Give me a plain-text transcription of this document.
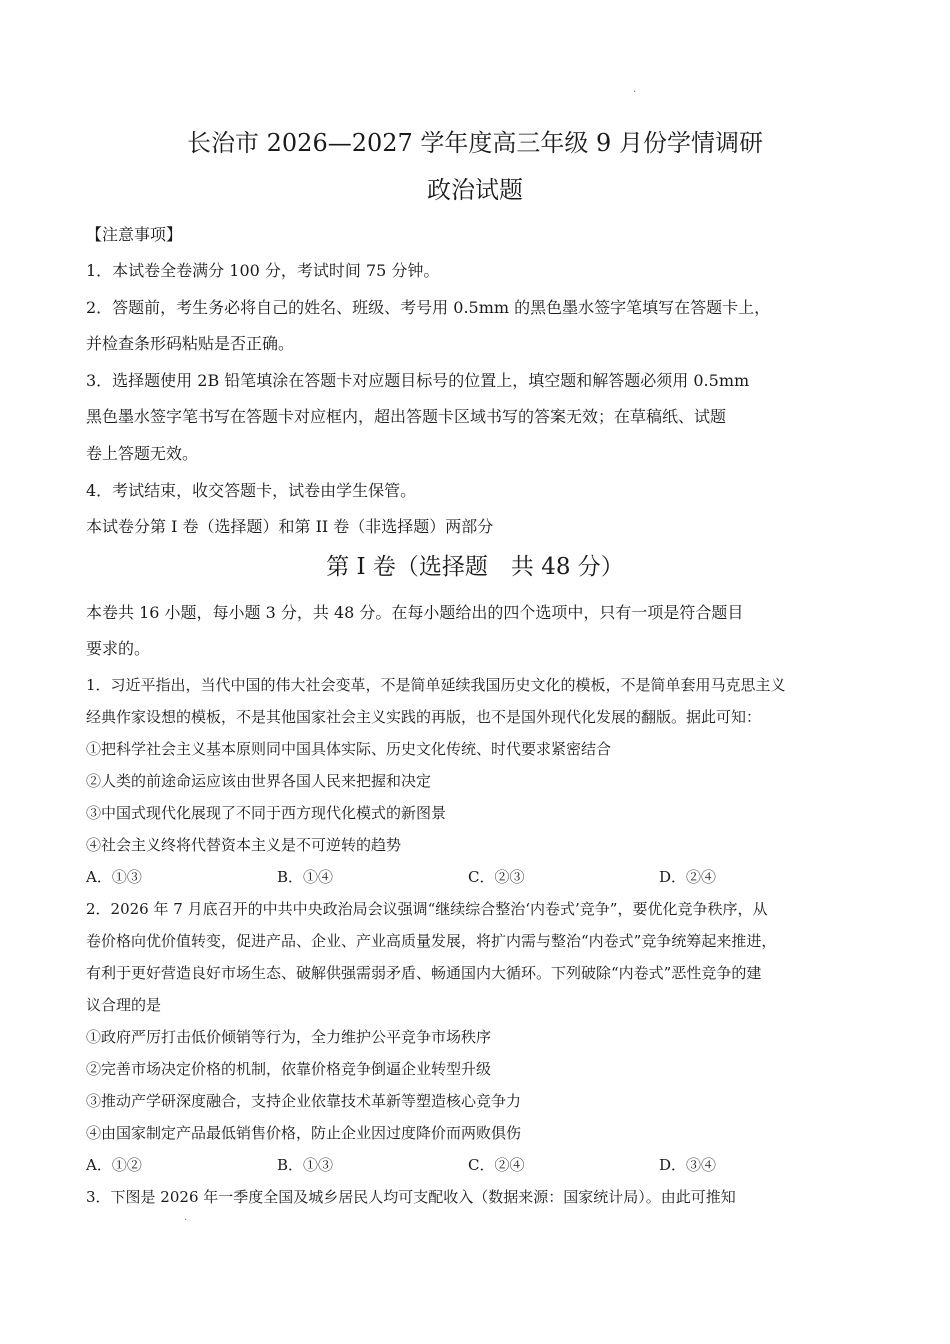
·
长治市 2026—2027 学年度高三年级 9 月份学情调研
政治试题
【注意事项】
1．本试卷全卷满分 100 分，考试时间 75 分钟。
2．答题前，考生务必将自己的姓名、班级、考号用 0.5mm 的黑色墨水签字笔填写在答题卡上，
并检查条形码粘贴是否正确。
3．选择题使用 2B 铅笔填涂在答题卡对应题目标号的位置上，填空题和解答题必须用 0.5mm
黑色墨水签字笔书写在答题卡对应框内，超出答题卡区域书写的答案无效；在草稿纸、试题
卷上答题无效。
4．考试结束，收交答题卡，试卷由学生保管。
本试卷分第 I 卷（选择题）和第 II 卷（非选择题）两部分
第 I 卷（选择题　共 48 分）
本卷共 16 小题，每小题 3 分，共 48 分。在每小题给出的四个选项中，只有一项是符合题目
要求的。
1．习近平指出，当代中国的伟大社会变革，不是简单延续我国历史文化的模板，不是简单套用马克思主义
经典作家设想的模板，不是其他国家社会主义实践的再版，也不是国外现代化发展的翻版。据此可知：
①把科学社会主义基本原则同中国具体实际、历史文化传统、时代要求紧密结合
②人类的前途命运应该由世界各国人民来把握和决定
③中国式现代化展现了不同于西方现代化模式的新图景
④社会主义终将代替资本主义是不可逆转的趋势
A．①③	B．①④	C．②③	D．②④
2．2026 年 7 月底召开的中共中央政治局会议强调“继续综合整治‘内卷式’竞争”，要优化竞争秩序，从
卷价格向优价值转变，促进产品、企业、产业高质量发展，将扩内需与整治“内卷式”竞争统筹起来推进，
有利于更好营造良好市场生态、破解供强需弱矛盾、畅通国内大循环。下列破除“内卷式”恶性竞争的建
议合理的是
①政府严厉打击低价倾销等行为，全力维护公平竞争市场秩序
②完善市场决定价格的机制，依靠价格竞争倒逼企业转型升级
③推动产学研深度融合，支持企业依靠技术革新等塑造核心竞争力
④由国家制定产品最低销售价格，防止企业因过度降价而两败俱伤
A．①②	B．①③	C．②④	D．③④
3．下图是 2026 年一季度全国及城乡居民人均可支配收入（数据来源：国家统计局）。由此可推知
·
